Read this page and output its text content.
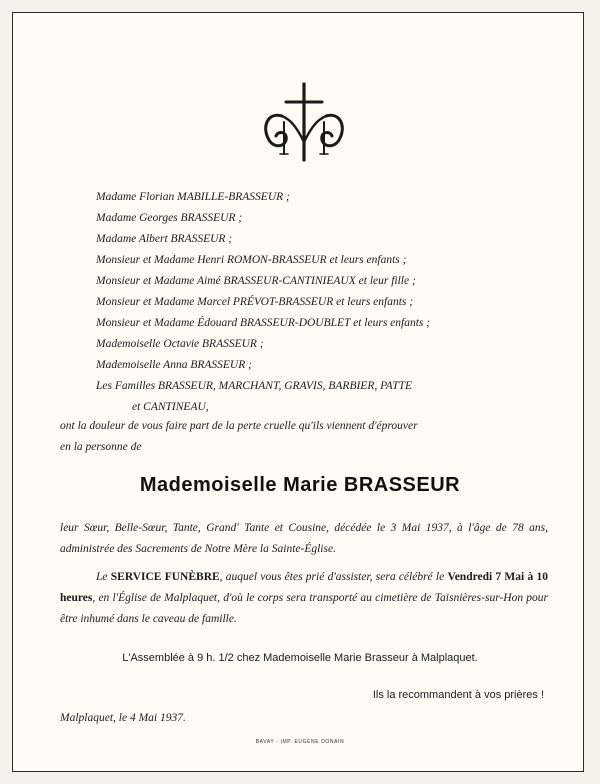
Madame Florian MABILLE-BRASSEUR ;
Madame Georges BRASSEUR ;
Madame Albert BRASSEUR ;
Monsieur et Madame Henri ROMON-BRASSEUR et leurs enfants ;
Monsieur et Madame Aimé BRASSEUR-CANTINIEAUX et leur fille ;
Monsieur et Madame Marcel PRÉVOT-BRASSEUR et leurs enfants ;
Monsieur et Madame Édouard BRASSEUR-DOUBLET et leurs enfants ;
Mademoiselle Octavie BRASSEUR ;
Mademoiselle Anna BRASSEUR ;
Les Familles BRASSEUR, MARCHANT, GRAVIS, BARBIER, PATTE
et CANTINEAU,
ont la douleur de vous faire part de la perte cruelle qu'ils viennent d'éprouver
en la personne de
Mademoiselle Marie BRASSEUR
leur Sœur, Belle-Sœur, Tante, Grand' Tante et Cousine, décédée le 3 Mai 1937, à l'âge de 78 ans, administrée des Sacrements de Notre Mère la Sainte-Église.
Le SERVICE FUNÈBRE, auquel vous êtes prié d'assister, sera célébré le Vendredi 7 Mai à 10 heures, en l'Église de Malplaquet, d'où le corps sera transporté au cimetière de Taisnières-sur-Hon pour être inhumé dans le caveau de famille.
L'Assemblée à 9 h. 1/2 chez Mademoiselle Marie Brasseur à Malplaquet.
Ils la recommandent à vos prières !
Malplaquet, le 4 Mai 1937.
BAVAY - IMP. EUGÈNE DONAIN
